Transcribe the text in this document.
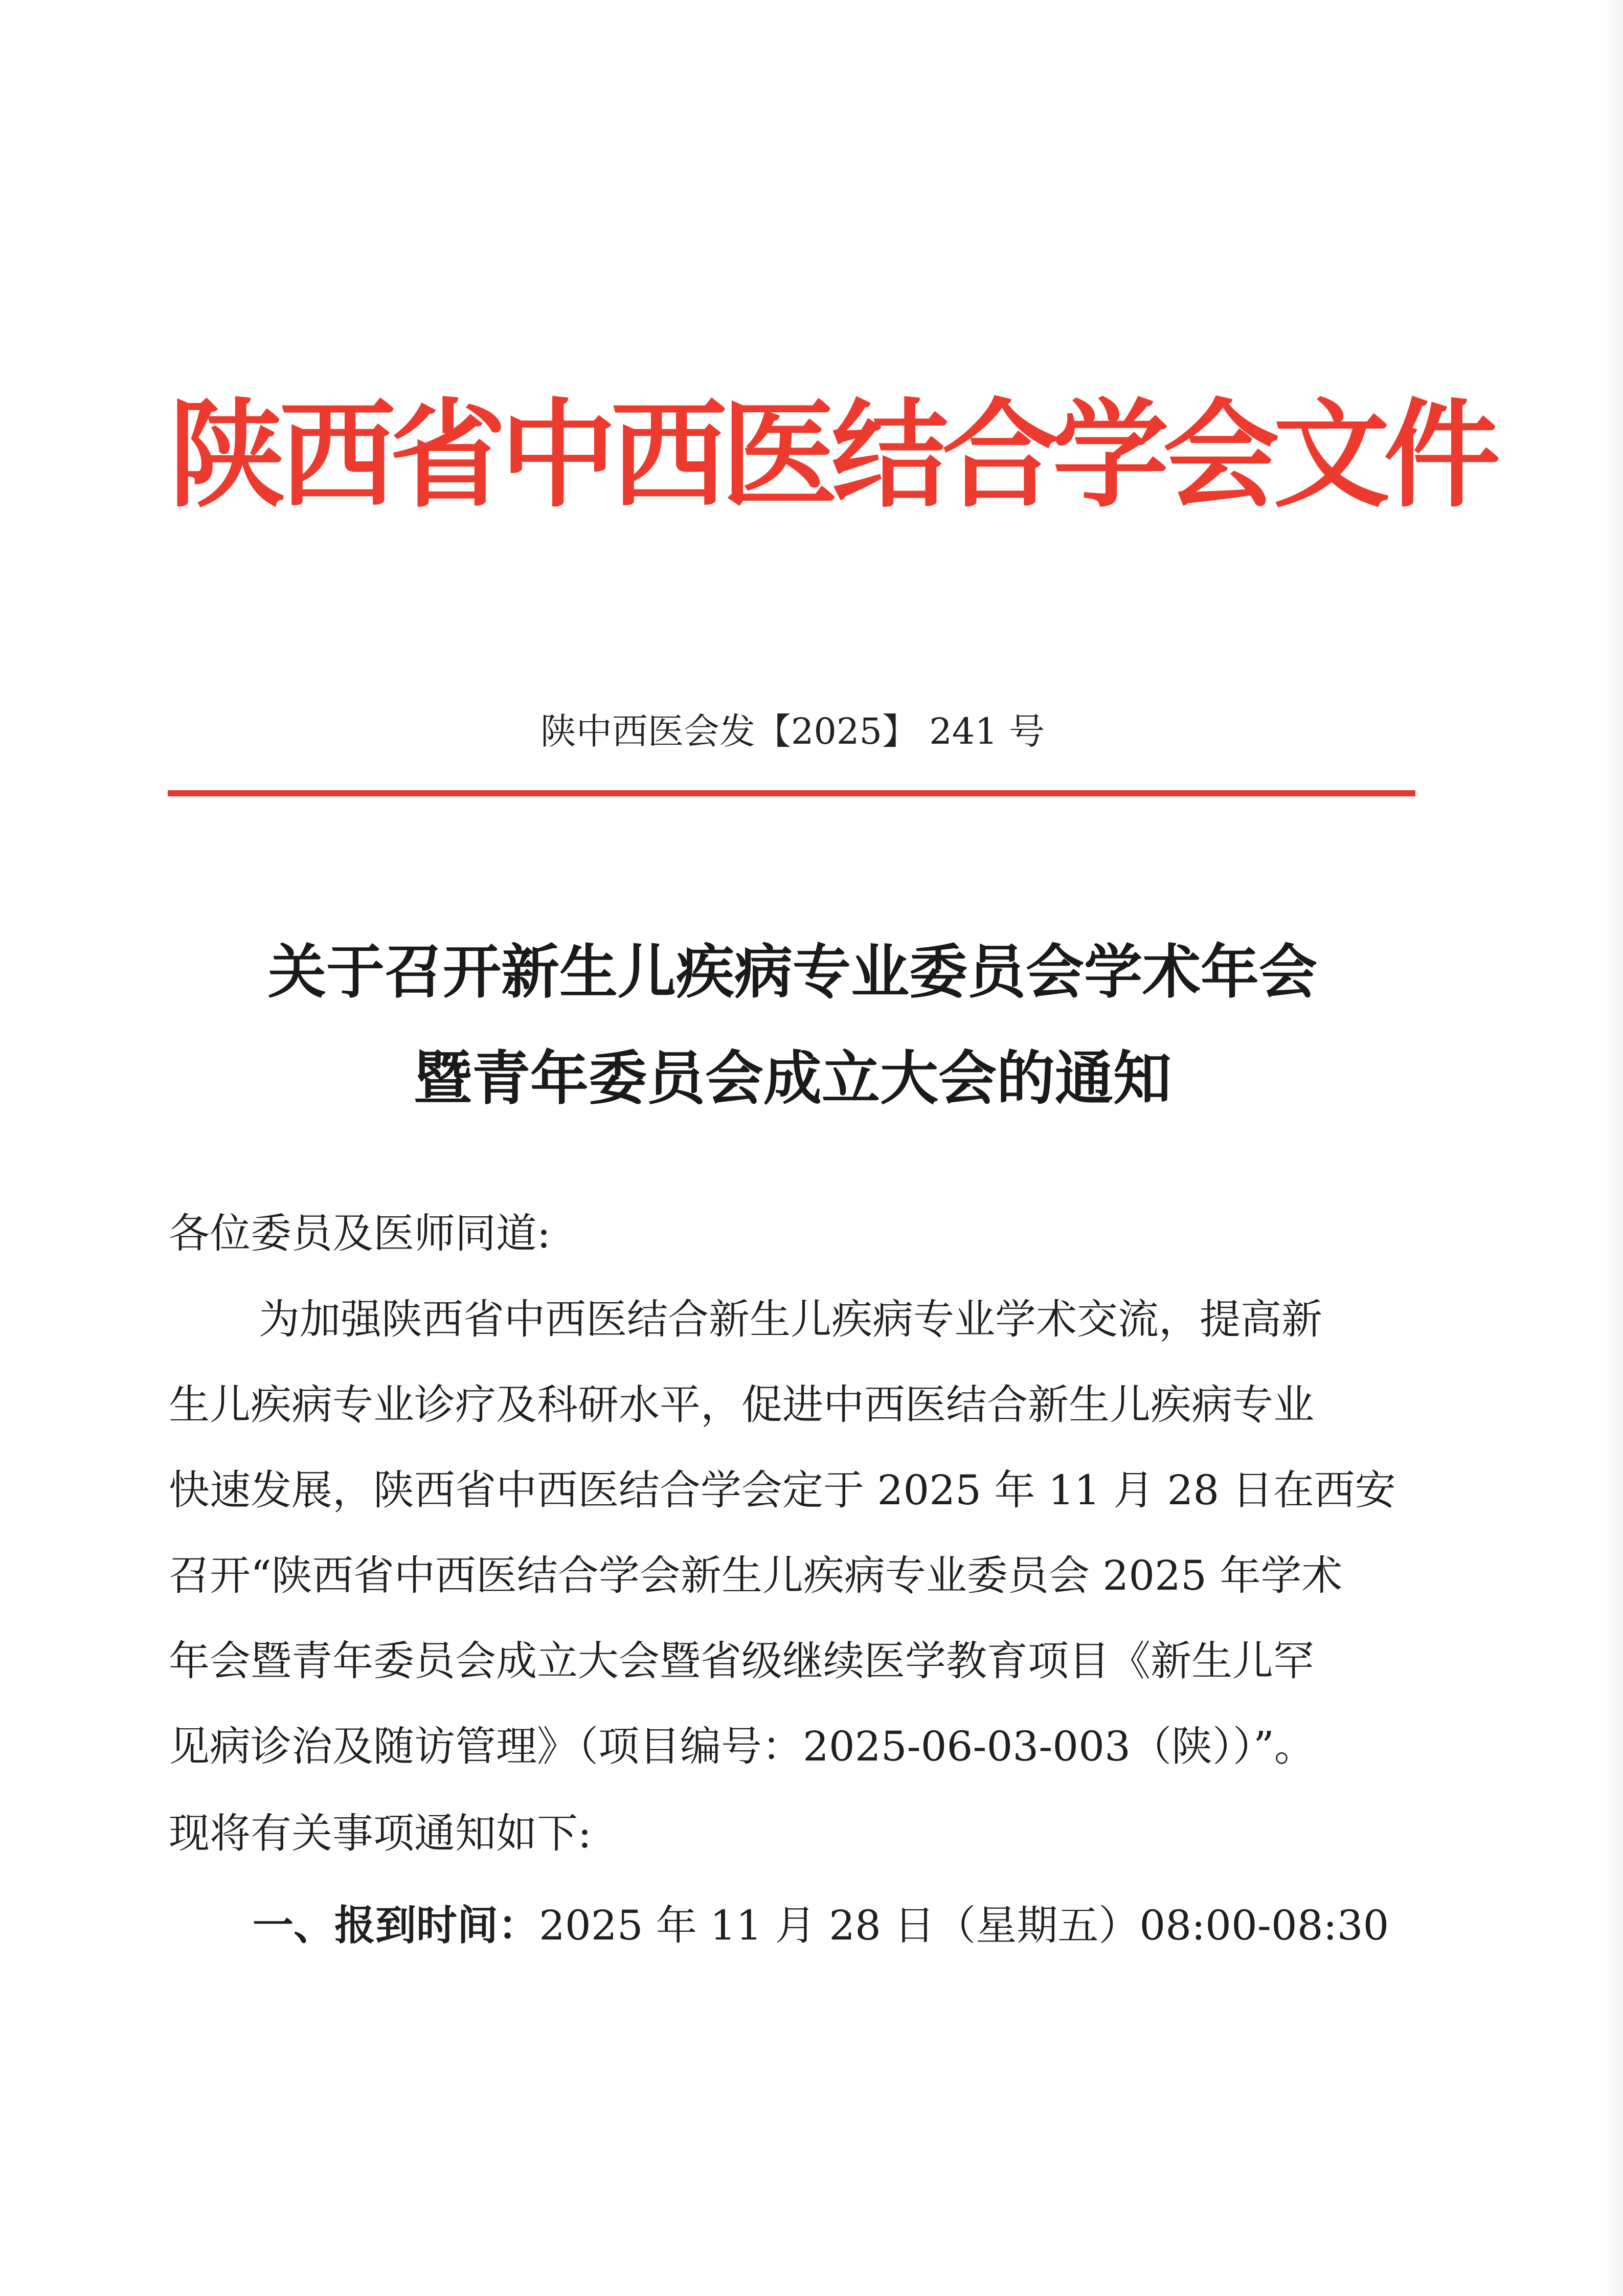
陕西省中西医结合学会文件
陕中西医会发【2025】 241 号
关于召开新生儿疾病专业委员会学术年会
暨青年委员会成立大会的通知
各位委员及医师同道:
为加强陕西省中西医结合新生儿疾病专业学术交流，提高新
生儿疾病专业诊疗及科研水平，促进中西医结合新生儿疾病专业
快速发展，陕西省中西医结合学会定于 2025 年 11 月 28 日在西安
召开“陕西省中西医结合学会新生儿疾病专业委员会 2025 年学术
年会暨青年委员会成立大会暨省级继续医学教育项目《新生儿罕
见病诊治及随访管理》（项目编号：2025-06-03-003（陕））”。
现将有关事项通知如下:
一、报到时间：2025 年 11 月 28 日（星期五）08:00-08:30
